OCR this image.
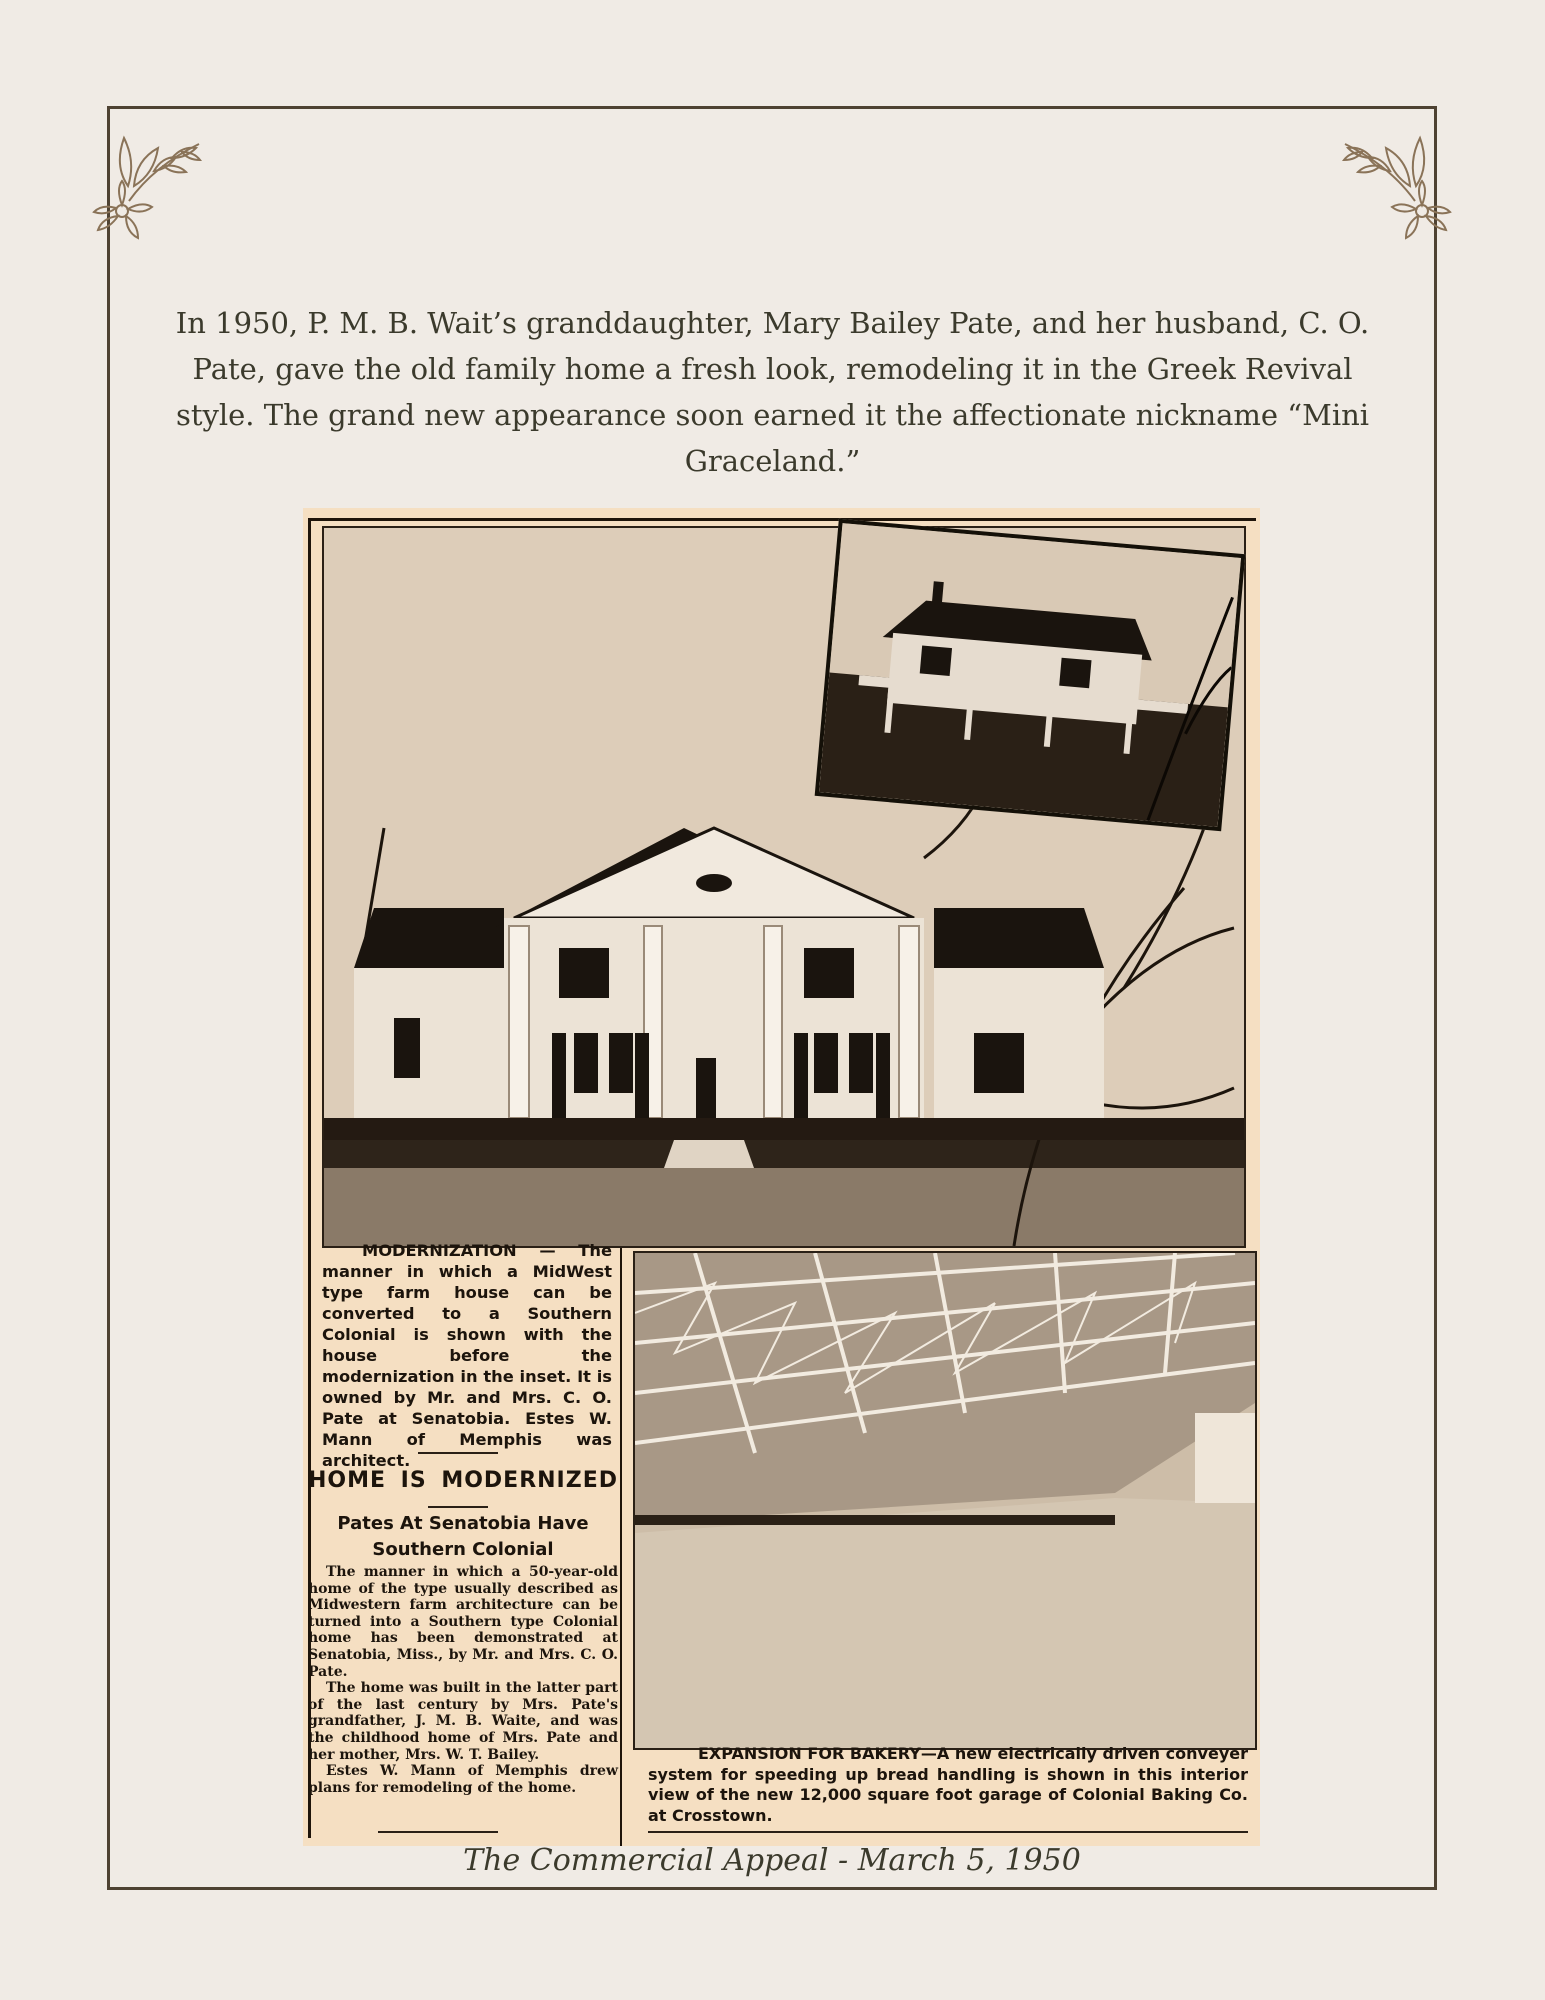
In 1950, P. M. B. Wait’s granddaughter, Mary Bailey Pate, and her husband, C. O. Pate, gave the old family home a fresh look, remodeling it in the Greek Revival style. The grand new appearance soon earned it the affectionate nickname “Mini Graceland.”

MODERNIZATION — The manner in which a MidWest type farm house can be converted to a Southern Colonial is shown with the house before the modernization in the inset. It is owned by Mr. and Mrs. C. O. Pate at Senatobia. Estes W. Mann of Memphis was architect.

HOME IS MODERNIZED

Pates At Senatobia Have Southern Colonial

The manner in which a 50-year-old home of the type usually described as Midwestern farm architecture can be turned into a Southern type Colonial home has been demonstrated at Senatobia, Miss., by Mr. and Mrs. C. O. Pate.

The home was built in the latter part of the last century by Mrs. Pate's grandfather, J. M. B. Waite, and was the childhood home of Mrs. Pate and her mother, Mrs. W. T. Bailey.

Estes W. Mann of Memphis drew plans for remodeling of the home.

EXPANSION FOR BAKERY—A new electrically driven conveyer system for speeding up bread handling is shown in this interior view of the new 12,000 square foot garage of Colonial Baking Co. at Crosstown.

The Commercial Appeal - March 5, 1950
